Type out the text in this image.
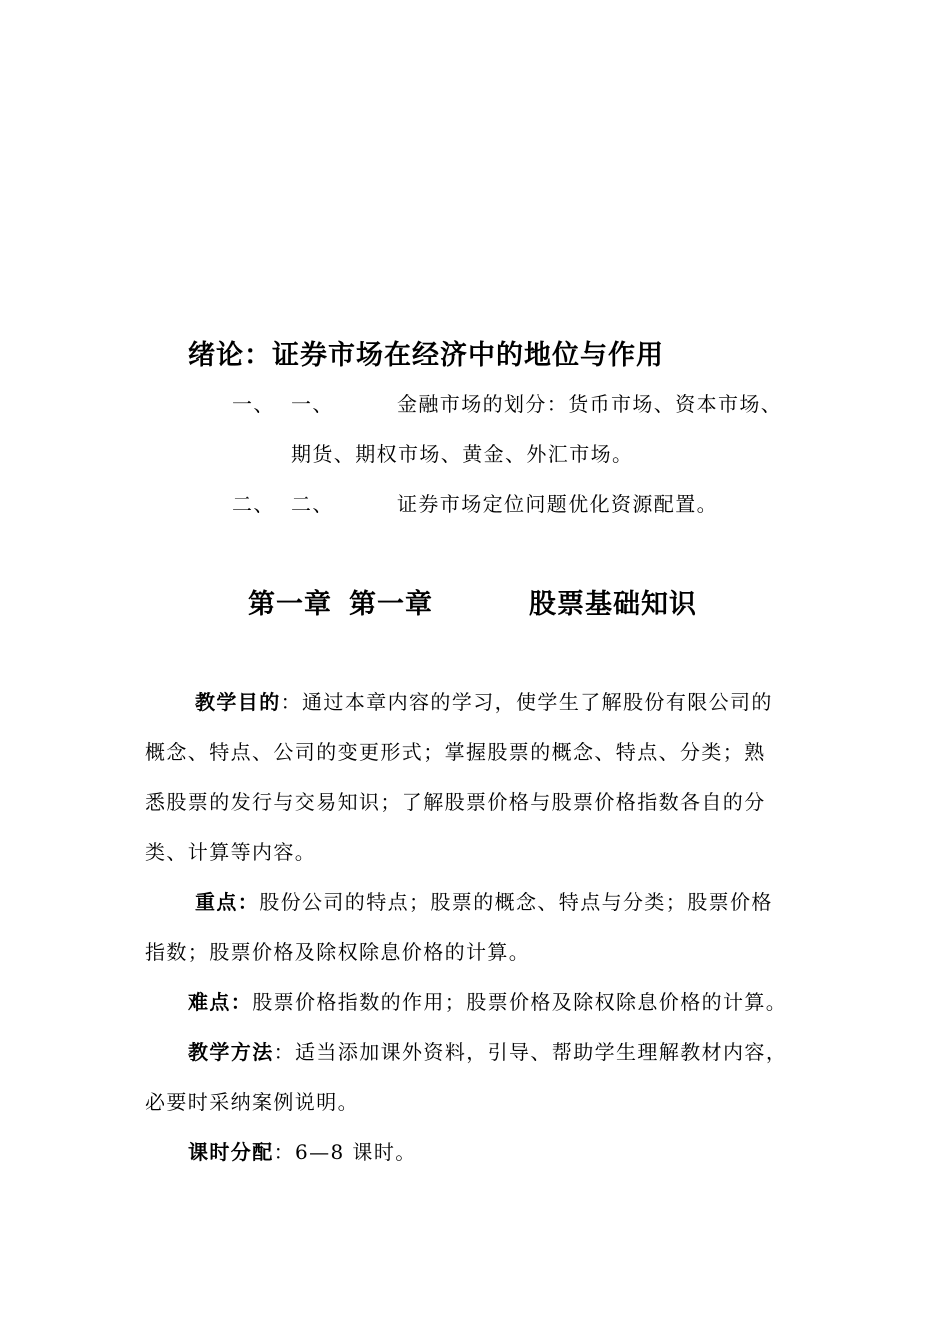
绪论：证券市场在经济中的地位与作用
一、 一、	金融市场的划分：货币市场、资本市场、
期货、期权市场、黄金、外汇市场。
二、 二、	证券市场定位问题优化资源配置。
第一章 第一章	股票基础知识
教学目的：通过本章内容的学习，使学生了解股份有限公司的
概念、特点、公司的变更形式；掌握股票的概念、特点、分类；熟
悉股票的发行与交易知识；了解股票价格与股票价格指数各自的分
类、计算等内容。
重点：股份公司的特点；股票的概念、特点与分类；股票价格
指数；股票价格及除权除息价格的计算。
难点：股票价格指数的作用；股票价格及除权除息价格的计算。
教学方法：适当添加课外资料，引导、帮助学生理解教材内容，
必要时采纳案例说明。
课时分配：6—8 课时。
